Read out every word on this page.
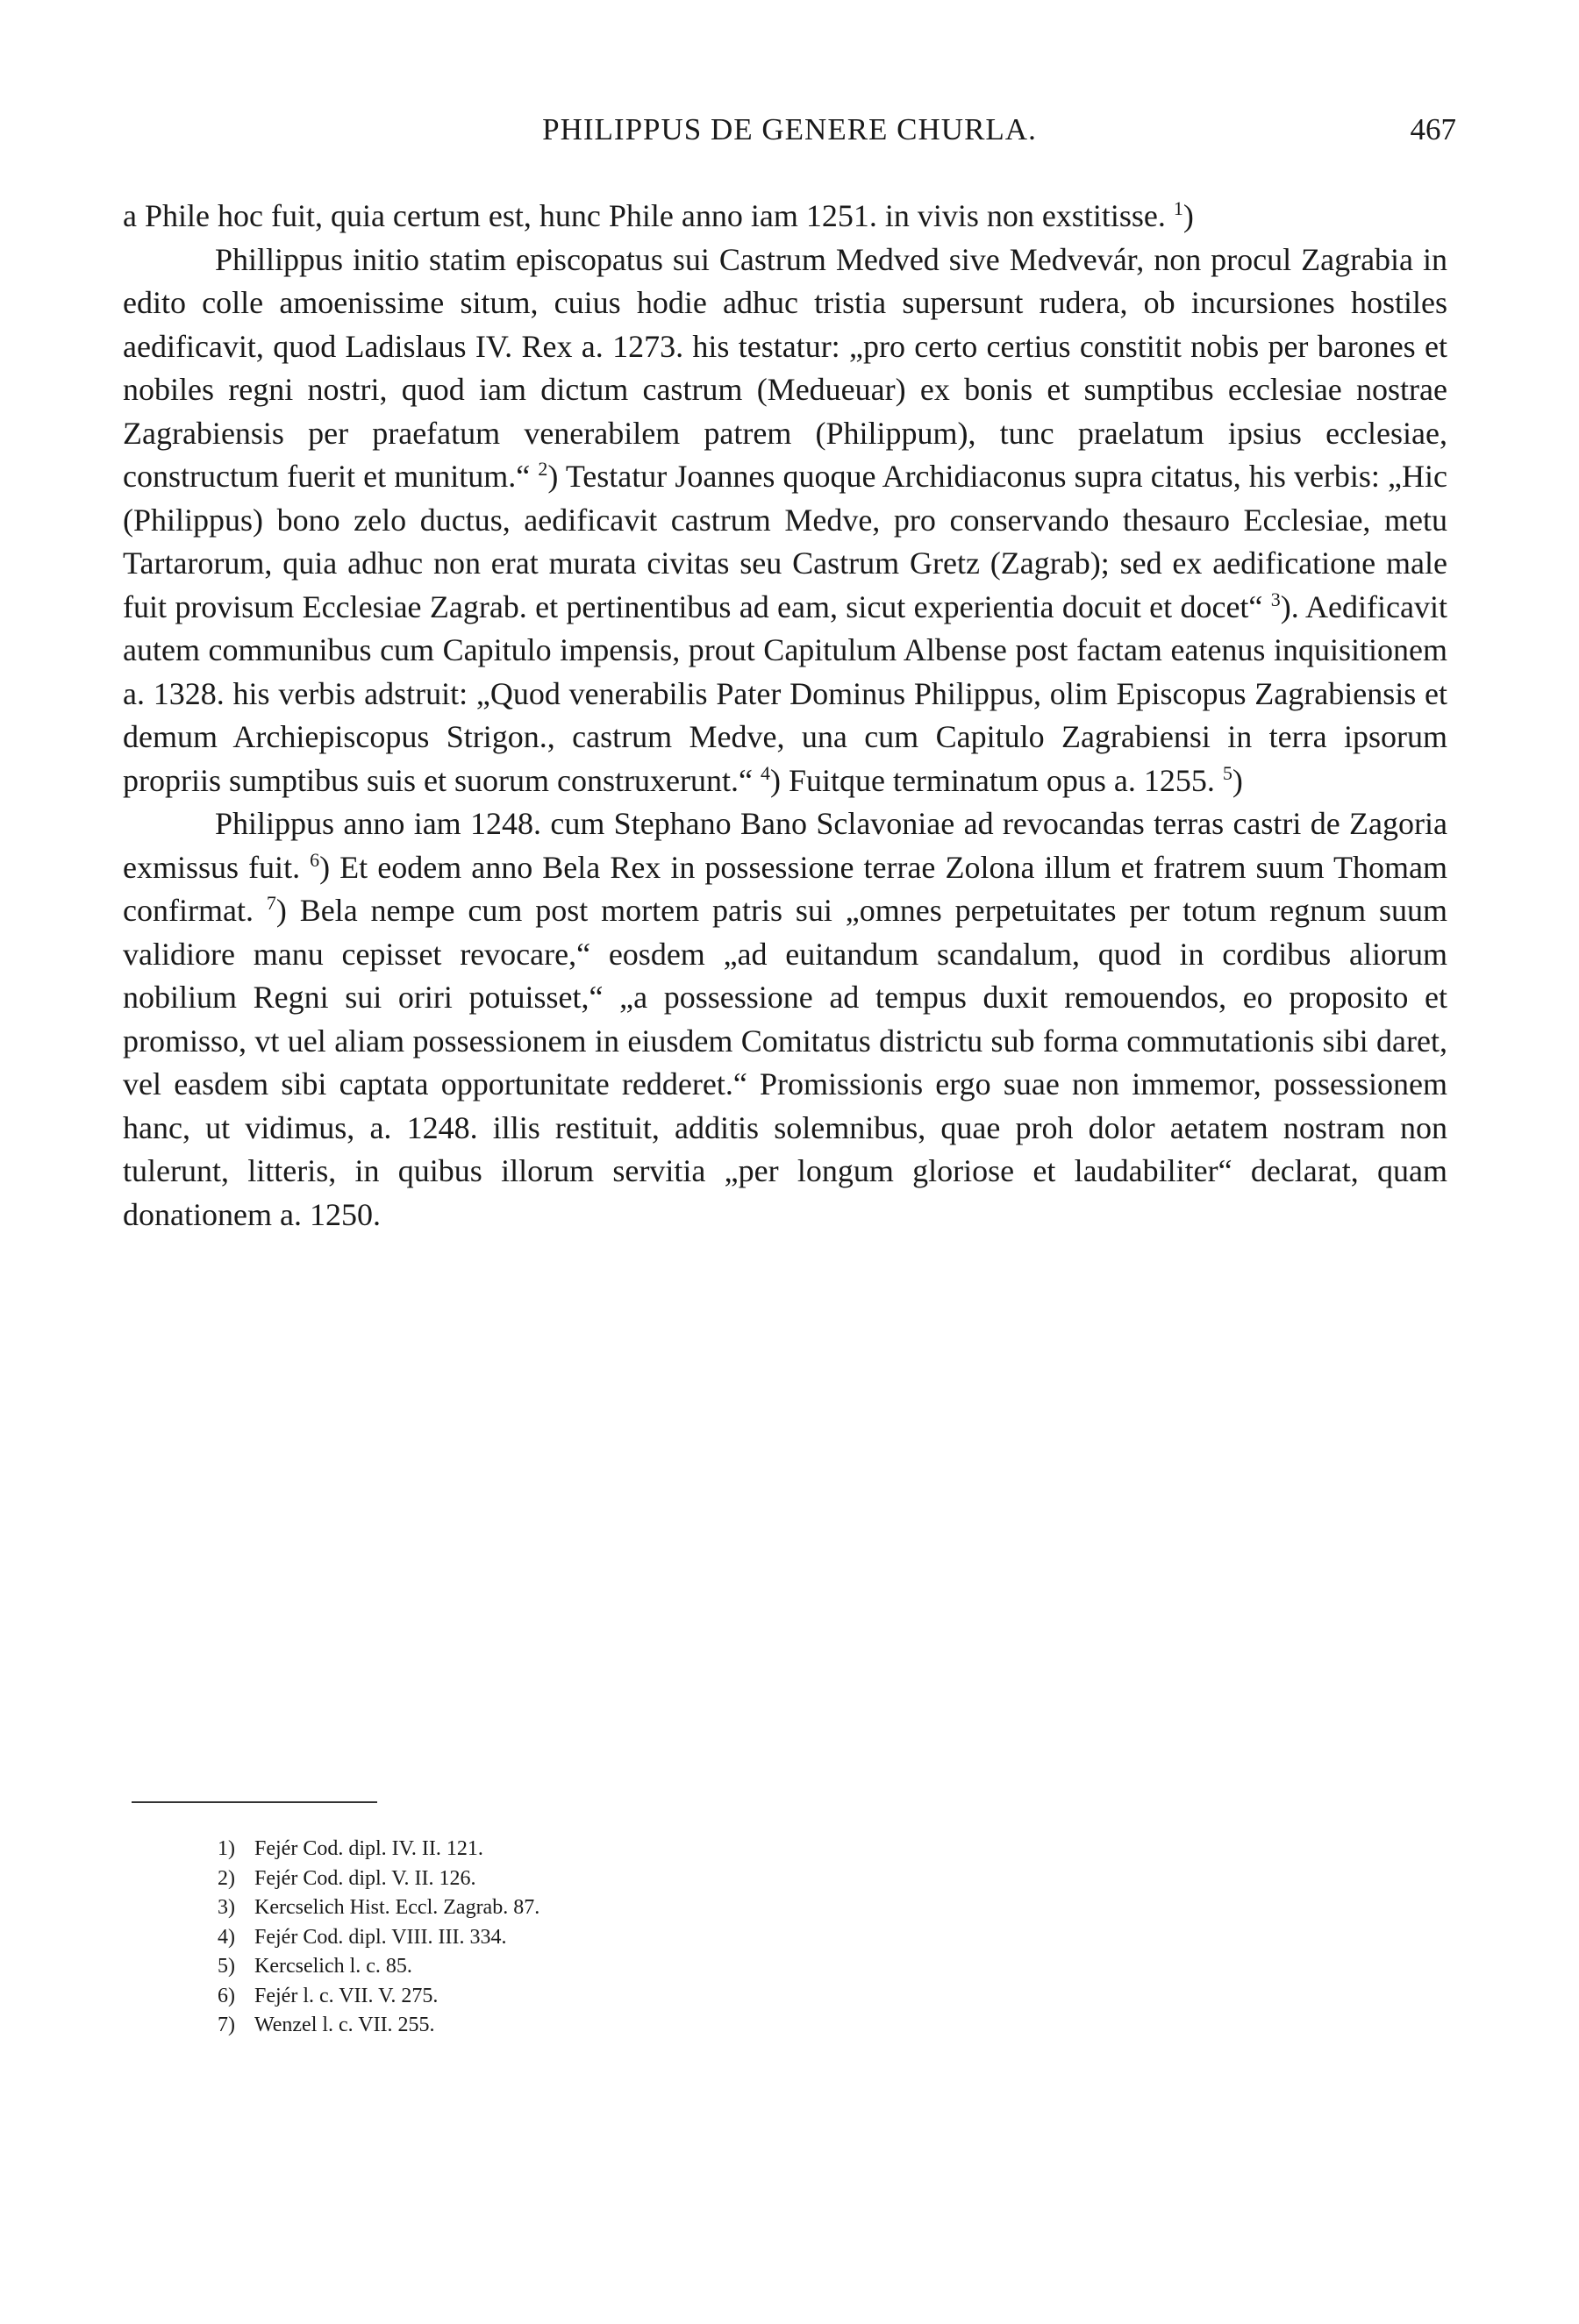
PHILIPPUS DE GENERE CHURLA.	467

a Phile hoc fuit, quia certum est, hunc Phile anno iam 1251. in vivis non exstitisse. $^1$)

Phillippus initio statim episcopatus sui Castrum Medved sive Medvevár, non procul Zagrabia in edito colle amoenissime situm, cuius hodie adhuc tristia supersunt rudera, ob incursiones hostiles aedificavit, quod Ladislaus IV. Rex a. 1273. his testatur: „pro certo certius constitit nobis per barones et nobiles regni nostri, quod iam dictum castrum (Medueuar) ex bonis et sumptibus ecclesiae nostrae Zagrabiensis per praefatum venerabilem patrem (Philippum), tunc praelatum ipsius ecclesiae, constructum fuerit et munitum.“ $^2$) Testatur Joannes quoque Archidiaconus supra citatus, his verbis: „Hic (Philippus) bono zelo ductus, aedificavit castrum Medve, pro conservando thesauro Ecclesiae, metu Tartarorum, quia adhuc non erat murata civitas seu Castrum Gretz (Zagrab); sed ex aedificatione male fuit provisum Ecclesiae Zagrab. et pertinentibus ad eam, sicut experientia docuit et docet“ $^3$). Aedificavit autem communibus cum Capitulo impensis, prout Capitulum Albense post factam eatenus inquisitionem a. 1328. his verbis adstruit: „Quod venerabilis Pater Dominus Philippus, olim Episcopus Zagrabiensis et demum Archiepiscopus Strigon., castrum Medve, una cum Capitulo Zagrabiensi in terra ipsorum propriis sumptibus suis et suorum construxerunt.“ $^4$) Fuitque terminatum opus a. 1255. $^5$)

Philippus anno iam 1248. cum Stephano Bano Sclavoniae ad revocandas terras castri de Zagoria exmissus fuit. $^6$) Et eodem anno Bela Rex in possessione terrae Zolona illum et fratrem suum Thomam confirmat. $^7$) Bela nempe cum post mortem patris sui „omnes perpetuitates per totum regnum suum validiore manu cepisset revocare,“ eosdem „ad euitandum scandalum, quod in cordibus aliorum nobilium Regni sui oriri potuisset,“ „a possessione ad tempus duxit remouendos, eo proposito et promisso, vt uel aliam possessionem in eiusdem Comitatus districtu sub forma commutationis sibi daret, vel easdem sibi captata opportunitate redderet.“ Promissionis ergo suae non immemor, possessionem hanc, ut vidimus, a. 1248. illis restituit, additis solemnibus, quae proh dolor aetatem nostram non tulerunt, litteris, in quibus illorum servitia „per longum gloriose et laudabiliter“ declarat, quam donationem a. 1250.

1) Fejér Cod. dipl. IV. II. 121.
2) Fejér Cod. dipl. V. II. 126.
3) Kercselich Hist. Eccl. Zagrab. 87.
4) Fejér Cod. dipl. VIII. III. 334.
5) Kercselich l. c. 85.
6) Fejér l. c. VII. V. 275.
7) Wenzel l. c. VII. 255.
